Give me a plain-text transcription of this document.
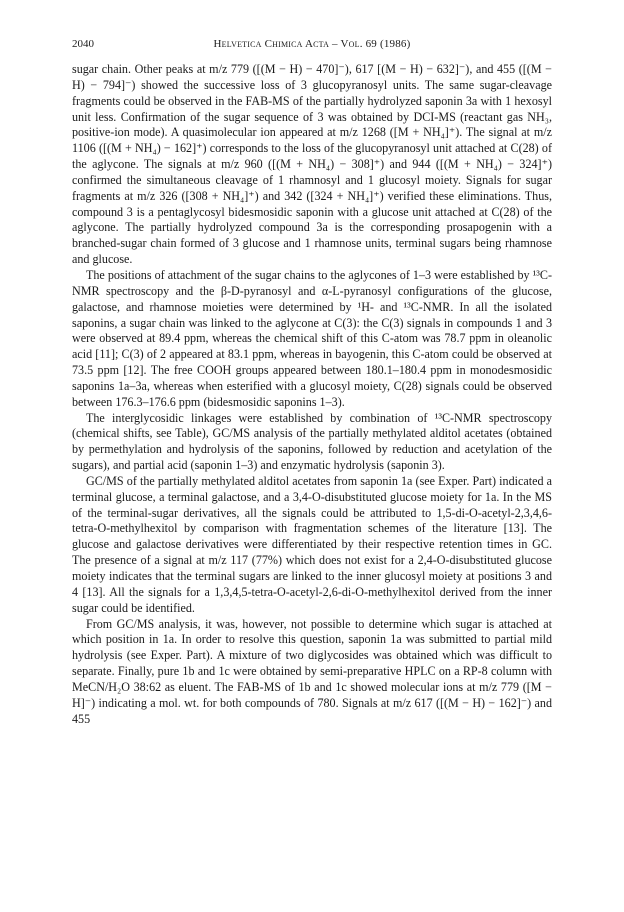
2040	Helvetica Chimica Acta – Vol. 69 (1986)

sugar chain. Other peaks at m/z 779 ([(M − H) − 470]⁻), 617 [(M − H) − 632]⁻), and 455 ([(M − H) − 794]⁻) showed the successive loss of 3 glucopyranosyl units. The same sugar-cleavage fragments could be observed in the FAB-MS of the partially hydrolyzed saponin 3a with 1 hexosyl unit less. Confirmation of the sugar sequence of 3 was obtained by DCI-MS (reactant gas NH₃, positive-ion mode). A quasimolecular ion appeared at m/z 1268 ([M + NH₄]⁺). The signal at m/z 1106 ([(M + NH₄) − 162]⁺) corresponds to the loss of the glucopyranosyl unit attached at C(28) of the aglycone. The signals at m/z 960 ([(M + NH₄) − 308]⁺) and 944 ([(M + NH₄) − 324]⁺) confirmed the simultaneous cleavage of 1 rhamnosyl and 1 glucosyl moiety. Signals for sugar fragments at m/z 326 ([308 + NH₄]⁺) and 342 ([324 + NH₄]⁺) verified these eliminations. Thus, compound 3 is a pentaglycosyl bidesmosidic saponin with a glucose unit attached at C(28) of the aglycone. The partially hydrolyzed compound 3a is the corresponding prosapogenin with a branched-sugar chain formed of 3 glucose and 1 rhamnose units, terminal sugars being rhamnose and glucose.

The positions of attachment of the sugar chains to the aglycones of 1–3 were established by ¹³C-NMR spectroscopy and the β-D-pyranosyl and α-L-pyranosyl configurations of the glucose, galactose, and rhamnose moieties were determined by ¹H- and ¹³C-NMR. In all the isolated saponins, a sugar chain was linked to the aglycone at C(3): the C(3) signals in compounds 1 and 3 were observed at 89.4 ppm, whereas the chemical shift of this C-atom was 78.7 ppm in oleanolic acid [11]; C(3) of 2 appeared at 83.1 ppm, whereas in bayogenin, this C-atom could be observed at 73.5 ppm [12]. The free COOH groups appeared between 180.1–180.4 ppm in monodesmosidic saponins 1a–3a, whereas when esterified with a glucosyl moiety, C(28) signals could be observed between 176.3–176.6 ppm (bidesmosidic saponins 1–3).

The interglycosidic linkages were established by combination of ¹³C-NMR spectroscopy (chemical shifts, see Table), GC/MS analysis of the partially methylated alditol acetates (obtained by permethylation and hydrolysis of the saponins, followed by reduction and acetylation of the sugars), and partial acid (saponin 1–3) and enzymatic hydrolysis (saponin 3).

GC/MS of the partially methylated alditol acetates from saponin 1a (see Exper. Part) indicated a terminal glucose, a terminal galactose, and a 3,4-O-disubstituted glucose moiety for 1a. In the MS of the terminal-sugar derivatives, all the signals could be attributed to 1,5-di-O-acetyl-2,3,4,6-tetra-O-methylhexitol by comparison with fragmentation schemes of the literature [13]. The glucose and galactose derivatives were differentiated by their respective retention times in GC. The presence of a signal at m/z 117 (77%) which does not exist for a 2,4-O-disubstituted glucose moiety indicates that the terminal sugars are linked to the inner glucosyl moiety at positions 3 and 4 [13]. All the signals for a 1,3,4,5-tetra-O-acetyl-2,6-di-O-methylhexitol derived from the inner sugar could be identified.

From GC/MS analysis, it was, however, not possible to determine which sugar is attached at which position in 1a. In order to resolve this question, saponin 1a was submitted to partial mild hydrolysis (see Exper. Part). A mixture of two diglycosides was obtained which was difficult to separate. Finally, pure 1b and 1c were obtained by semi-preparative HPLC on a RP-8 column with MeCN/H₂O 38:62 as eluent. The FAB-MS of 1b and 1c showed molecular ions at m/z 779 ([M − H]⁻) indicating a mol. wt. for both compounds of 780. Signals at m/z 617 ([(M − H) − 162]⁻) and 455
